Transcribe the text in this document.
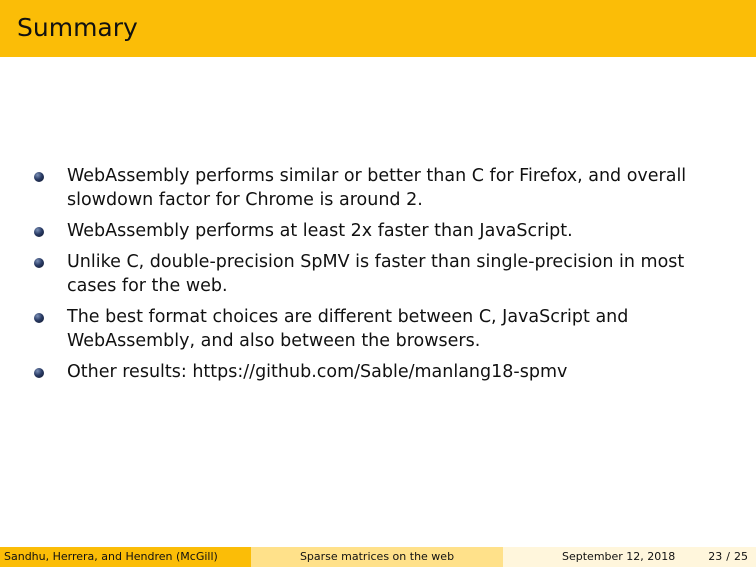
Summary
WebAssembly performs similar or better than C for Firefox, and overall slowdown factor for Chrome is around 2.
WebAssembly performs at least 2x faster than JavaScript.
Unlike C, double-precision SpMV is faster than single-precision in most cases for the web.
The best format choices are different between C, JavaScript and WebAssembly, and also between the browsers.
Other results: https://github.com/Sable/manlang18-spmv
Sandhu, Herrera, and Hendren (McGill)	Sparse matrices on the web	September 12, 2018	23 / 25
